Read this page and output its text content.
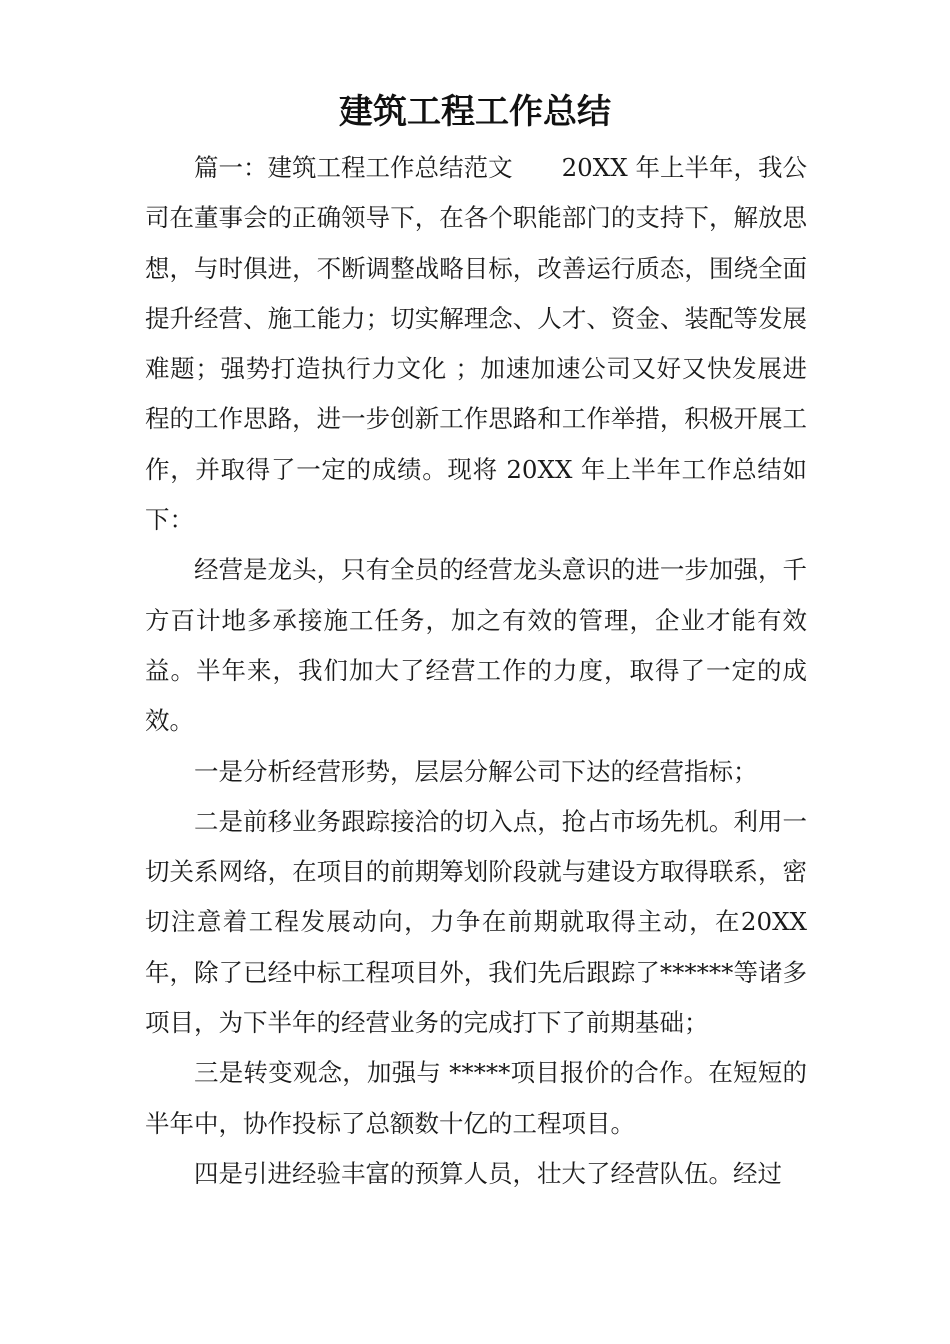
建筑工程工作总结

篇一：建筑工程工作总结范文　　20XX 年上半年，我公司在董事会的正确领导下，在各个职能部门的支持下，解放思想，与时俱进，不断调整战略目标，改善运行质态，围绕全面提升经营、施工能力；切实解理念、人才、资金、装配等发展难题；强势打造执行力文化 ；加速加速公司又好又快发展进程的工作思路，进一步创新工作思路和工作举措，积极开展工作，并取得了一定的成绩。现将 20XX 年上半年工作总结如下：

经营是龙头，只有全员的经营龙头意识的进一步加强，千方百计地多承接施工任务，加之有效的管理，企业才能有效益。半年来，我们加大了经营工作的力度，取得了一定的成效。

一是分析经营形势，层层分解公司下达的经营指标；

二是前移业务跟踪接洽的切入点，抢占市场先机。利用一切关系网络，在项目的前期筹划阶段就与建设方取得联系，密切注意着工程发展动向，力争在前期就取得主动，在20XX 年，除了已经中标工程项目外，我们先后跟踪了******等诸多项目，为下半年的经营业务的完成打下了前期基础；

三是转变观念，加强与 *****项目报价的合作。在短短的半年中，协作投标了总额数十亿的工程项目。

四是引进经验丰富的预算人员，壮大了经营队伍。经过
